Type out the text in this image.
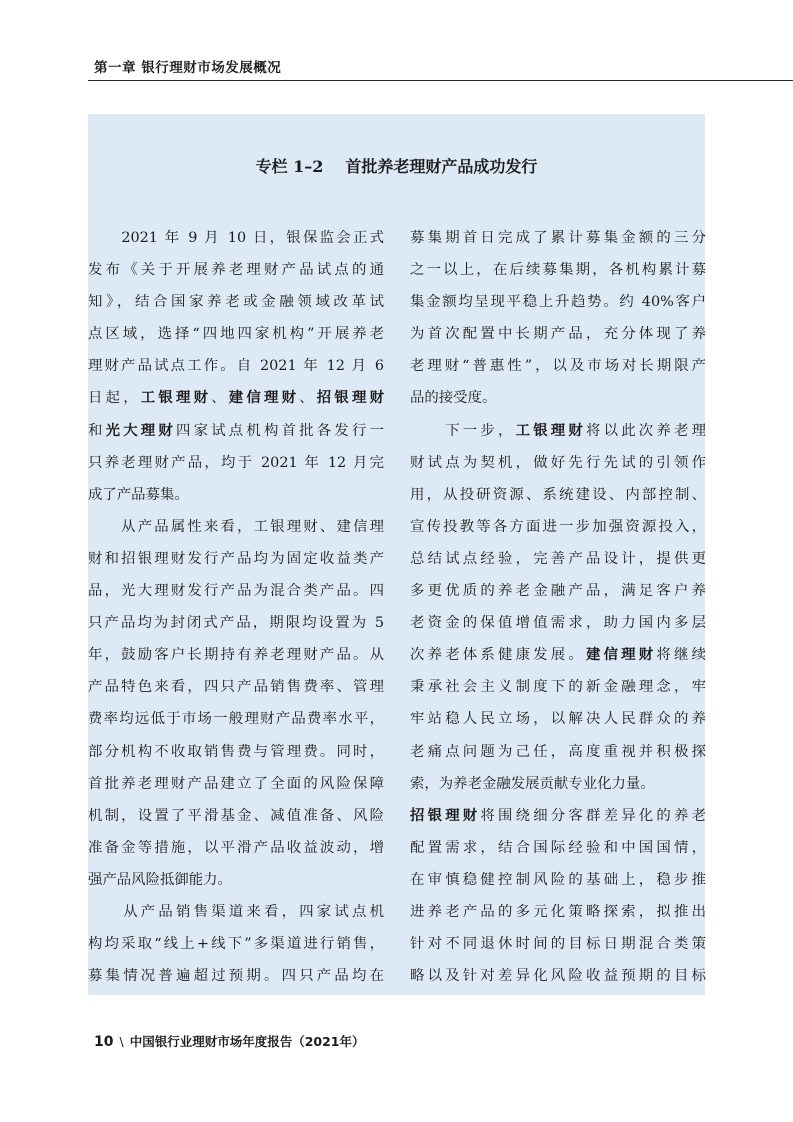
第一章 银行理财市场发展概况
专栏 1–2 首批养老理财产品成功发行
　　2021 年 9 月 10 日，银保监会正式
发布《关于开展养老理财产品试点的通
知》，结合国家养老或金融领域改革试
点区域，选择“四地四家机构”开展养老
理财产品试点工作。自 2021 年 12 月 6
日起，工银理财、建信理财、招银理财
和光大理财四家试点机构首批各发行一
只养老理财产品，均于 2021 年 12 月完
成了产品募集。
　　从产品属性来看，工银理财、建信理
财和招银理财发行产品均为固定收益类产
品，光大理财发行产品为混合类产品。四
只产品均为封闭式产品，期限均设置为 5
年，鼓励客户长期持有养老理财产品。从
产品特色来看，四只产品销售费率、管理
费率均远低于市场一般理财产品费率水平，
部分机构不收取销售费与管理费。同时，
首批养老理财产品建立了全面的风险保障
机制，设置了平滑基金、减值准备、风险
准备金等措施，以平滑产品收益波动，增
强产品风险抵御能力。
　　从产品销售渠道来看，四家试点机
构均采取“线上+线下”多渠道进行销售，
募集情况普遍超过预期。四只产品均在
募集期首日完成了累计募集金额的三分
之一以上，在后续募集期，各机构累计募
集金额均呈现平稳上升趋势。约 40%客户
为首次配置中长期产品，充分体现了养
老理财“普惠性”，以及市场对长期限产
品的接受度。
　　下一步，工银理财将以此次养老理
财试点为契机，做好先行先试的引领作
用，从投研资源、系统建设、内部控制、
宣传投教等各方面进一步加强资源投入，
总结试点经验，完善产品设计，提供更
多更优质的养老金融产品，满足客户养
老资金的保值增值需求，助力国内多层
次养老体系健康发展。建信理财将继续
秉承社会主义制度下的新金融理念，牢
牢站稳人民立场，以解决人民群众的养
老痛点问题为己任，高度重视并积极探
索，为养老金融发展贡献专业化力量。
招银理财将围绕细分客群差异化的养老
配置需求，结合国际经验和中国国情，
在审慎稳健控制风险的基础上，稳步推
进养老产品的多元化策略探索，拟推出
针对不同退休时间的目标日期混合类策
略以及针对差异化风险收益预期的目标
10 \ 中国银行业理财市场年度报告（2021年）
